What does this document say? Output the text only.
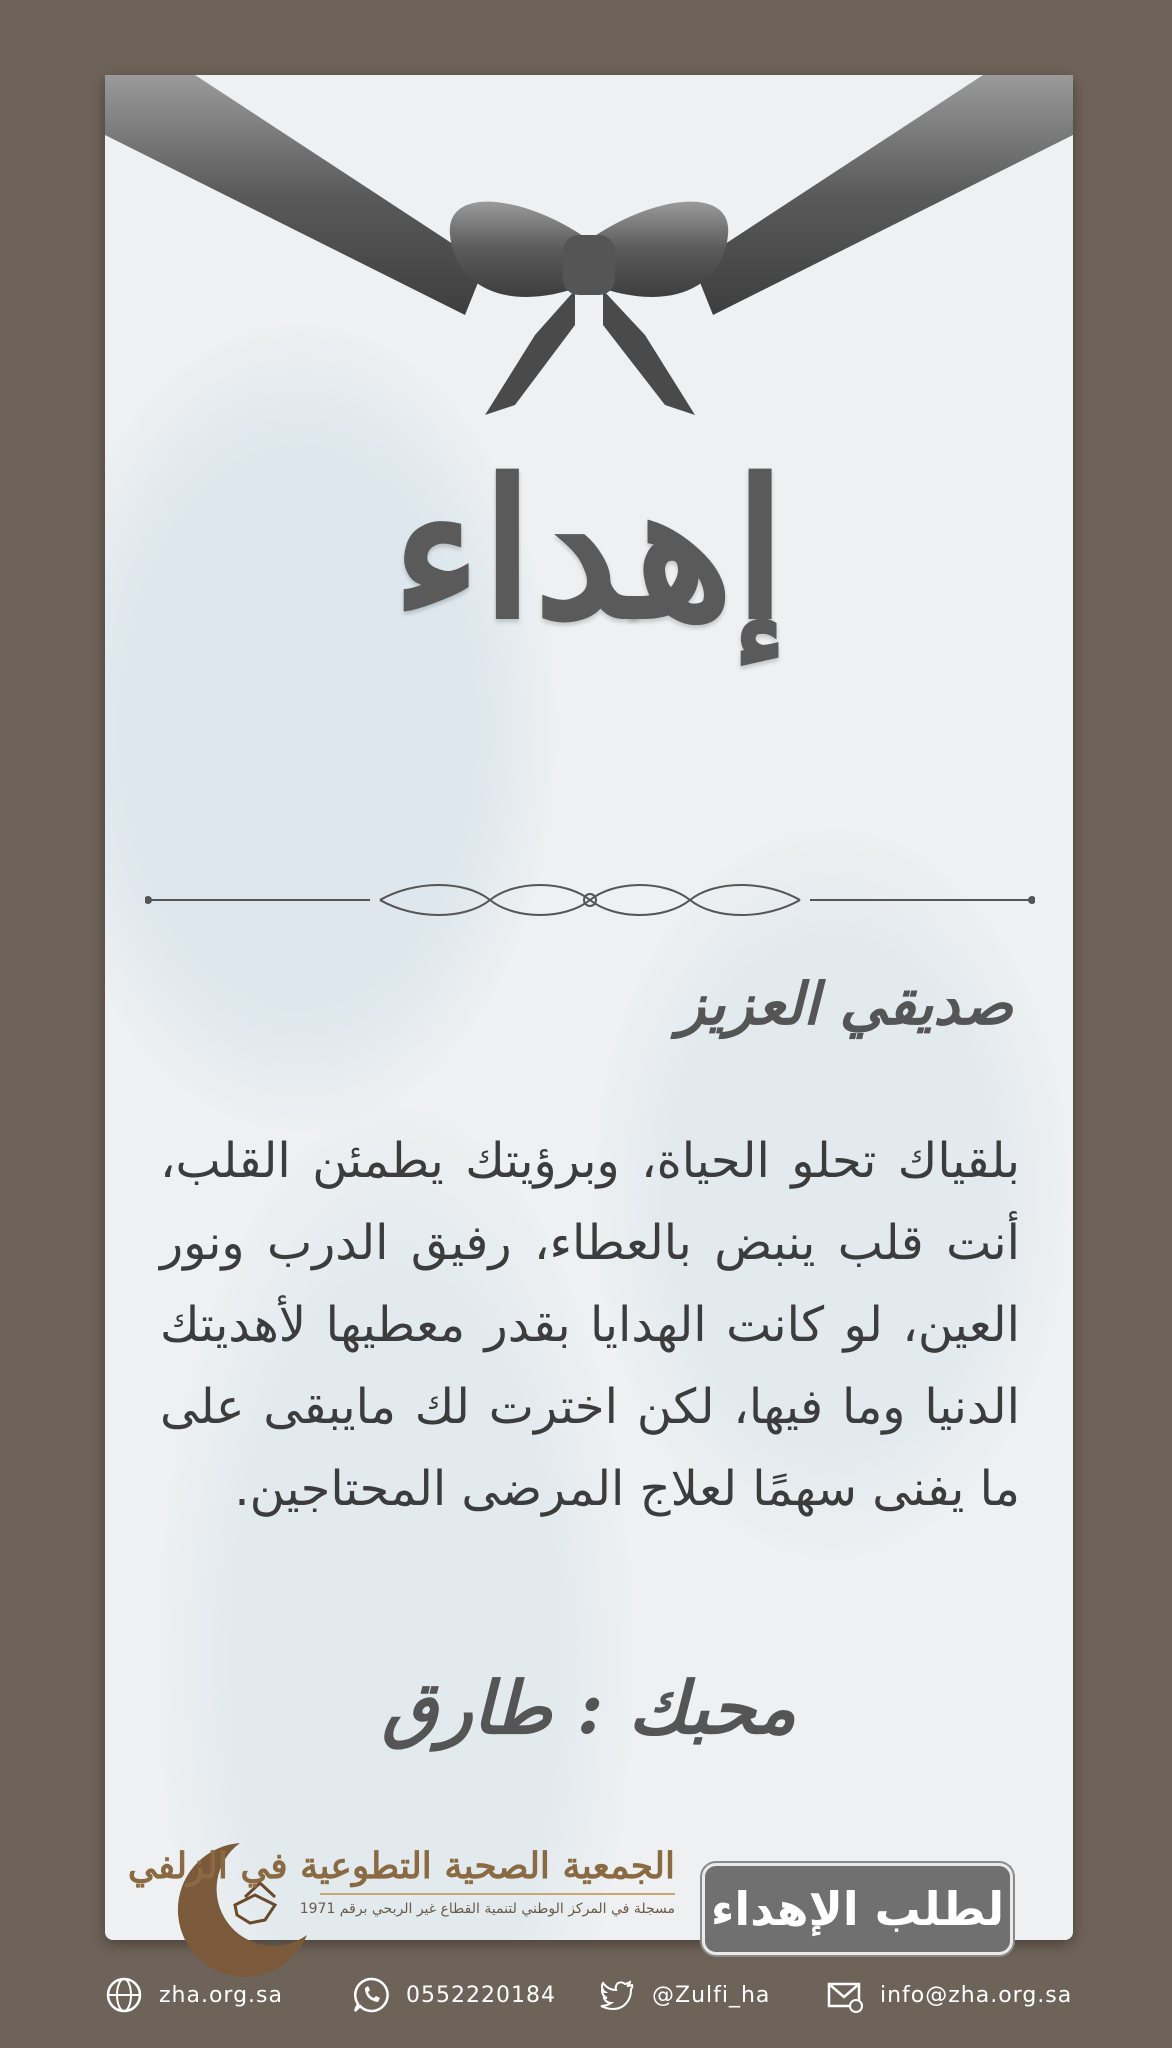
إهداء
صديقي العزيز
بلقياك تحلو الحياة، وبرؤيتك يطمئن القلب، أنت قلب ينبض بالعطاء، رفيق الدرب ونور العين، لو كانت الهدايا بقدر معطيها لأهديتك الدنيا وما فيها، لكن اخترت لك مايبقى على ما يفنى سهمًا لعلاج المرضى المحتاجين.
محبك : طارق
الجمعية الصحية التطوعية في الزلفي
مسجلة في المركز الوطني لتنمية القطاع غير الربحي برقم 1971 لطلب الإهداء
zha.org.sa	0552220184	@Zulfi_ha	info@zha.org.sa
